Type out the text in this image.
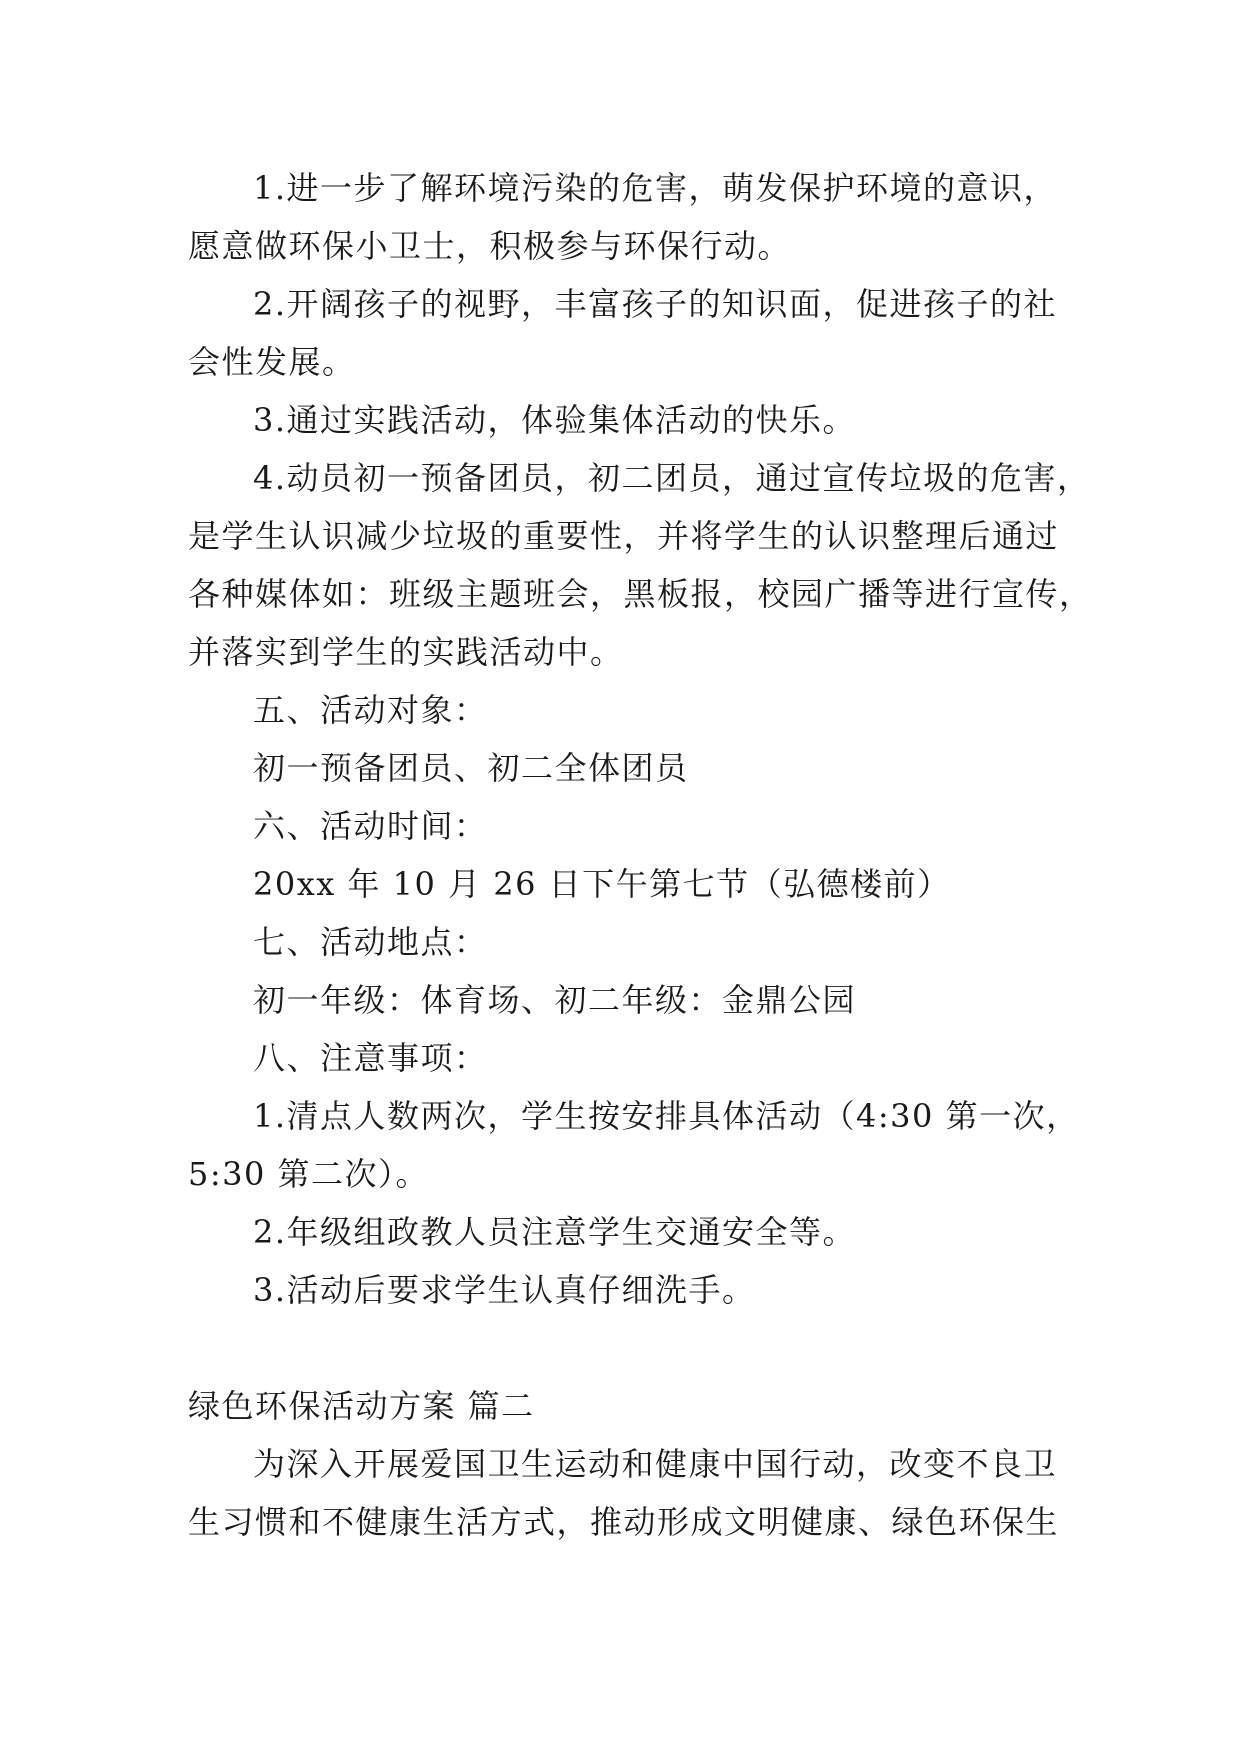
1.进一步了解环境污染的危害，萌发保护环境的意识，
愿意做环保小卫士，积极参与环保行动。
2.开阔孩子的视野，丰富孩子的知识面，促进孩子的社
会性发展。
3.通过实践活动，体验集体活动的快乐。
4.动员初一预备团员，初二团员，通过宣传垃圾的危害，
是学生认识减少垃圾的重要性，并将学生的认识整理后通过
各种媒体如：班级主题班会，黑板报，校园广播等进行宣传，
并落实到学生的实践活动中。
五、活动对象：
初一预备团员、初二全体团员
六、活动时间：
20xx 年 10 月 26 日下午第七节（弘德楼前）
七、活动地点：
初一年级：体育场、初二年级：金鼎公园
八、注意事项：
1.清点人数两次，学生按安排具体活动（4:30 第一次，
5:30 第二次）。
2.年级组政教人员注意学生交通安全等。
3.活动后要求学生认真仔细洗手。
绿色环保活动方案 篇二
为深入开展爱国卫生运动和健康中国行动，改变不良卫
生习惯和不健康生活方式，推动形成文明健康、绿色环保生
